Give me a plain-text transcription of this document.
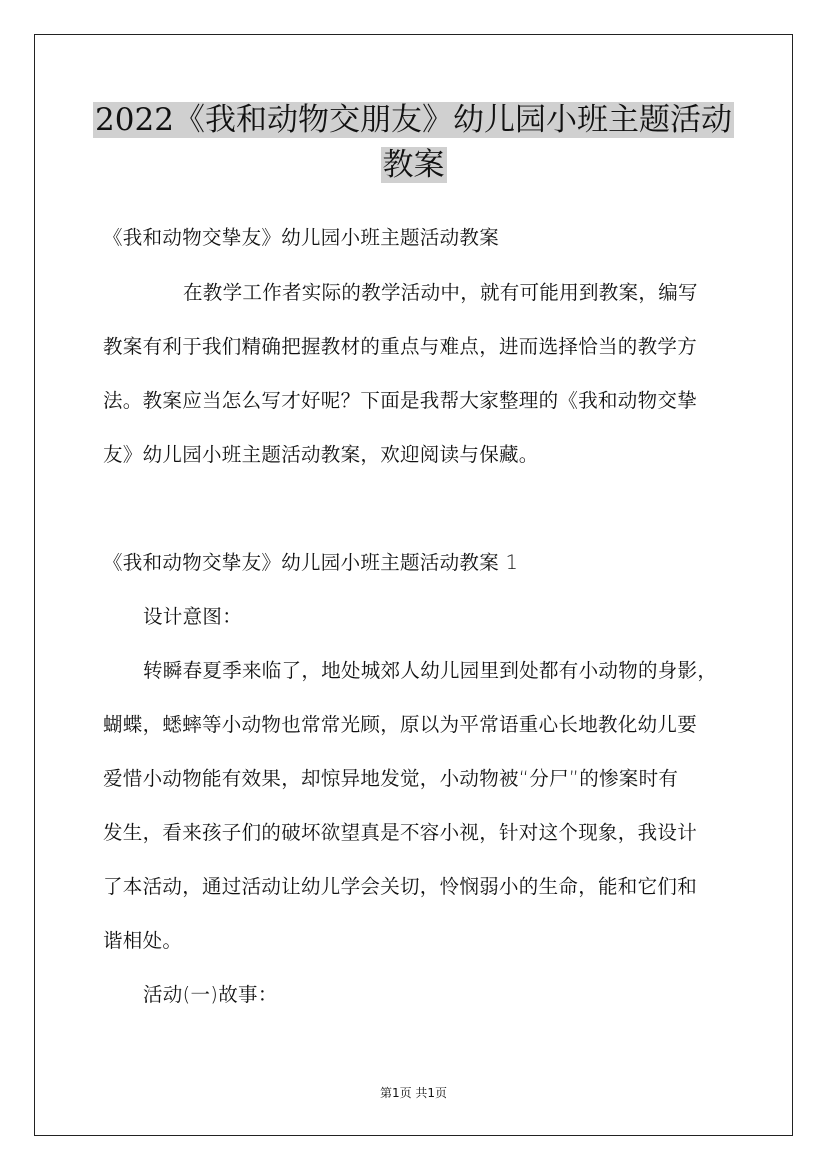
2022《我和动物交朋友》幼儿园小班主题活动
教案
《我和动物交挚友》幼儿园小班主题活动教案
在教学工作者实际的教学活动中，就有可能用到教案，编写
教案有利于我们精确把握教材的重点与难点，进而选择恰当的教学方
法。教案应当怎么写才好呢？下面是我帮大家整理的《我和动物交挚
友》幼儿园小班主题活动教案，欢迎阅读与保藏。
《我和动物交挚友》幼儿园小班主题活动教案 1
设计意图：
转瞬春夏季来临了，地处城郊人幼儿园里到处都有小动物的身影，
蝴蝶，蟋蟀等小动物也常常光顾，原以为平常语重心长地教化幼儿要
爱惜小动物能有效果，却惊异地发觉，小动物被“分尸”的惨案时有
发生，看来孩子们的破坏欲望真是不容小视，针对这个现象，我设计
了本活动，通过活动让幼儿学会关切，怜悯弱小的生命，能和它们和
谐相处。
活动(一)故事：
第1页 共1页
